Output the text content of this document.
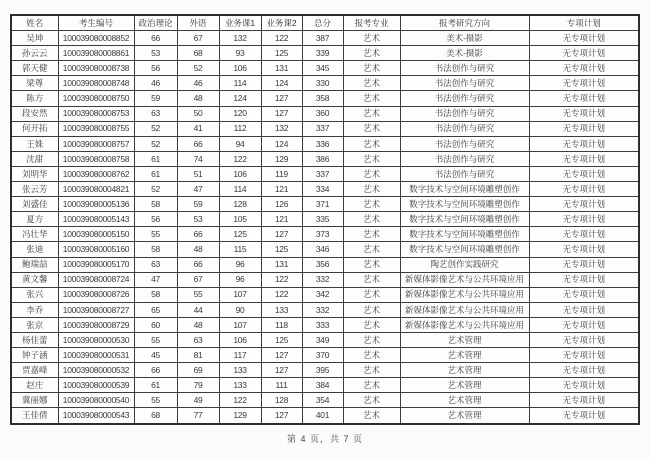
姓名	考生编号	政治理论	外语	业务课1	业务课2	总分	报考专业	报考研究方向	专项计划
吴坤	100039080008852	66	67	132	122	387	艺术	美术-摄影	无专项计划
孙云云	100039080008861	53	68	93	125	339	艺术	美术-摄影	无专项计划
郭天健	100039080008738	56	52	106	131	345	艺术	书法创作与研究	无专项计划
梁尊	100039080008748	46	46	114	124	330	艺术	书法创作与研究	无专项计划
陈方	100039080008750	59	48	124	127	358	艺术	书法创作与研究	无专项计划
段安然	100039080008753	63	50	120	127	360	艺术	书法创作与研究	无专项计划
何开拓	100039080008755	52	41	112	132	337	艺术	书法创作与研究	无专项计划
王姝	100039080008757	52	66	94	124	336	艺术	书法创作与研究	无专项计划
沈甜	100039080008758	61	74	122	129	386	艺术	书法创作与研究	无专项计划
刘明华	100039080008762	61	51	106	119	337	艺术	书法创作与研究	无专项计划
张云芳	100039080004821	52	47	114	121	334	艺术	数字技术与空间环境雕塑创作	无专项计划
刘盛佳	100039080005136	58	59	128	126	371	艺术	数字技术与空间环境雕塑创作	无专项计划
夏方	100039080005143	56	53	105	121	335	艺术	数字技术与空间环境雕塑创作	无专项计划
冯壮华	100039080005150	55	66	125	127	373	艺术	数字技术与空间环境雕塑创作	无专项计划
张迪	100039080005160	58	48	115	125	346	艺术	数字技术与空间环境雕塑创作	无专项计划
鲍瑞喆	100039080005170	63	66	96	131	356	艺术	陶艺创作实践研究	无专项计划
黄文馨	100039080008724	47	67	96	122	332	艺术	新媒体影像艺术与公共环境应用	无专项计划
张兴	100039080008726	58	55	107	122	342	艺术	新媒体影像艺术与公共环境应用	无专项计划
李乔	100039080008727	65	44	90	133	332	艺术	新媒体影像艺术与公共环境应用	无专项计划
张京	100039080008729	60	48	107	118	333	艺术	新媒体影像艺术与公共环境应用	无专项计划
杨佳蕾	100039080000530	55	63	106	125	349	艺术	艺术管理	无专项计划
钟子涵	100039080000531	45	81	117	127	370	艺术	艺术管理	无专项计划
贾嘉峰	100039080000532	66	69	133	127	395	艺术	艺术管理	无专项计划
赵庄	100039080000539	61	79	133	111	384	艺术	艺术管理	无专项计划
冀丽娜	100039080000540	55	49	122	128	354	艺术	艺术管理	无专项计划
王佳倩	100039080000543	68	77	129	127	401	艺术	艺术管理	无专项计划
第 4 页，共 7 页
